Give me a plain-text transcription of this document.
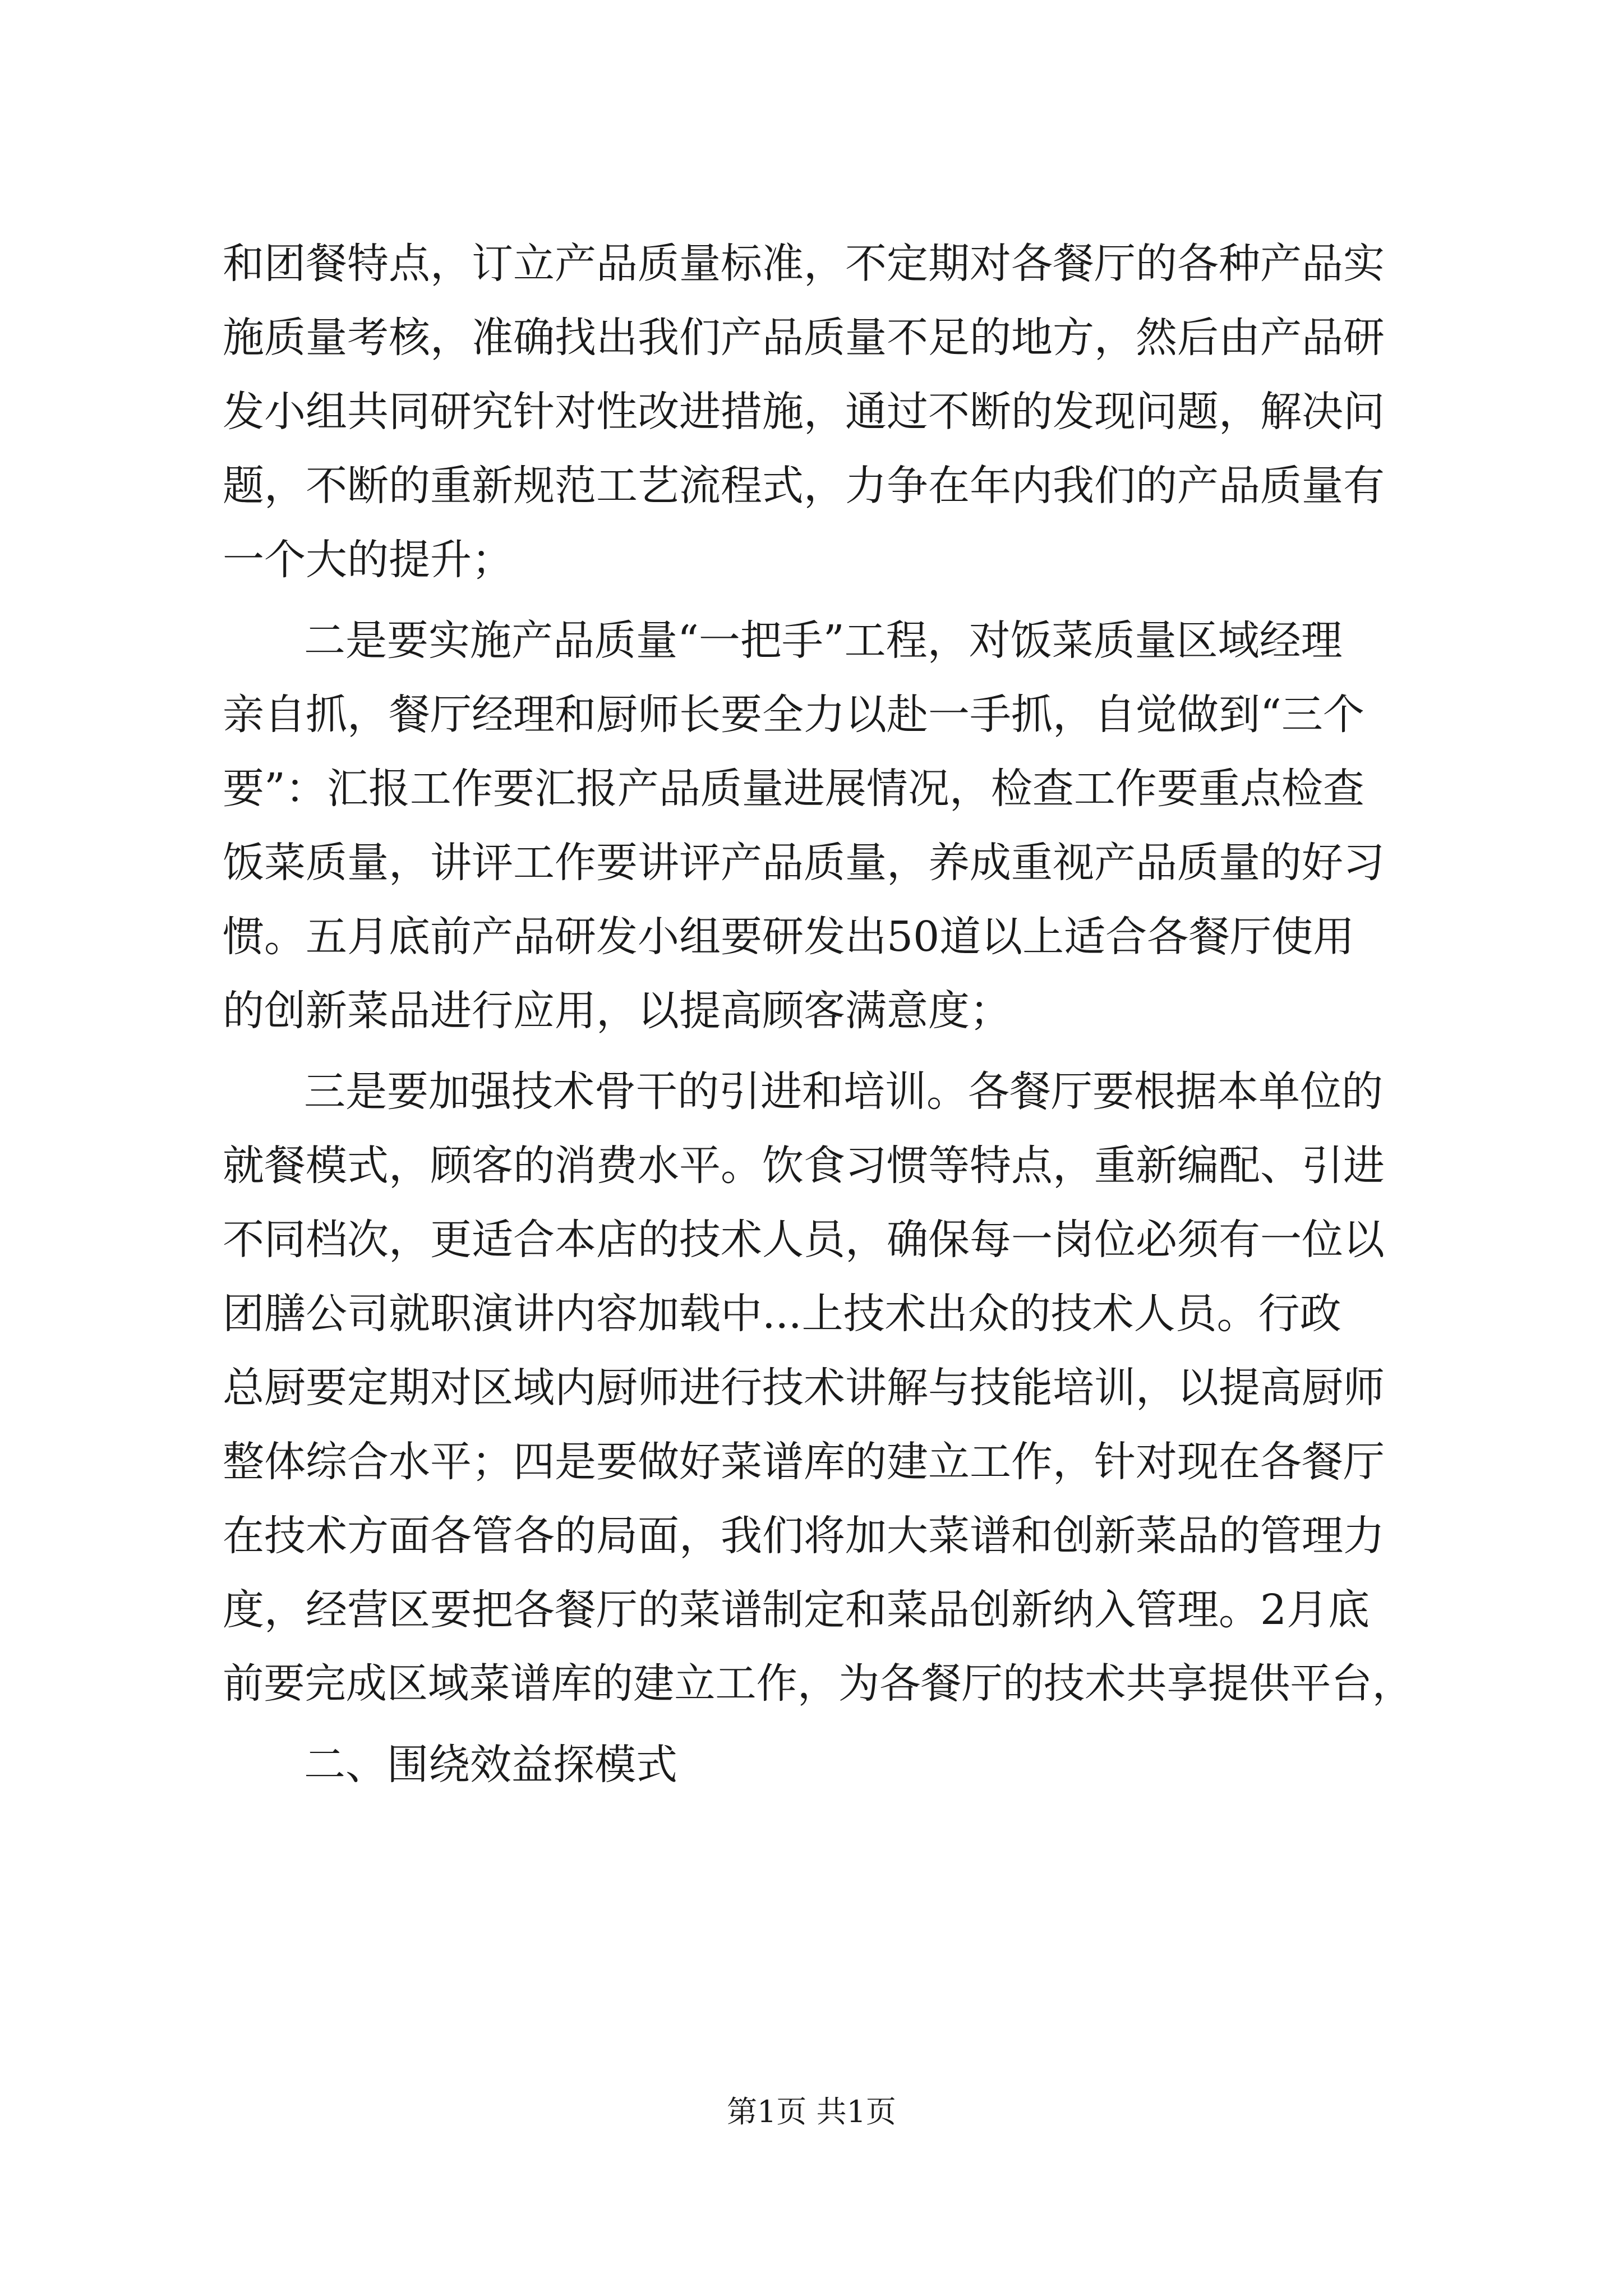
和团餐特点，订立产品质量标准，不定期对各餐厅的各种产品实
施质量考核，准确找出我们产品质量不足的地方，然后由产品研
发小组共同研究针对性改进措施，通过不断的发现问题，解决问
题，不断的重新规范工艺流程式，力争在年内我们的产品质量有
一个大的提升；
二是要实施产品质量“一把手”工程，对饭菜质量区域经理
亲自抓，餐厅经理和厨师长要全力以赴一手抓，自觉做到“三个
要”：汇报工作要汇报产品质量进展情况，检查工作要重点检查
饭菜质量，讲评工作要讲评产品质量，养成重视产品质量的好习
惯。五月底前产品研发小组要研发出50道以上适合各餐厅使用
的创新菜品进行应用，以提高顾客满意度；
三是要加强技术骨干的引进和培训。各餐厅要根据本单位的
就餐模式，顾客的消费水平。饮食习惯等特点，重新编配、引进
不同档次，更适合本店的技术人员，确保每一岗位必须有一位以
团膳公司就职演讲内容加载中...上技术出众的技术人员。行政
总厨要定期对区域内厨师进行技术讲解与技能培训，以提高厨师
整体综合水平；四是要做好菜谱库的建立工作，针对现在各餐厅
在技术方面各管各的局面，我们将加大菜谱和创新菜品的管理力
度，经营区要把各餐厅的菜谱制定和菜品创新纳入管理。2月底
前要完成区域菜谱库的建立工作，为各餐厅的技术共享提供平台，
二、围绕效益探模式
第1页 共1页
